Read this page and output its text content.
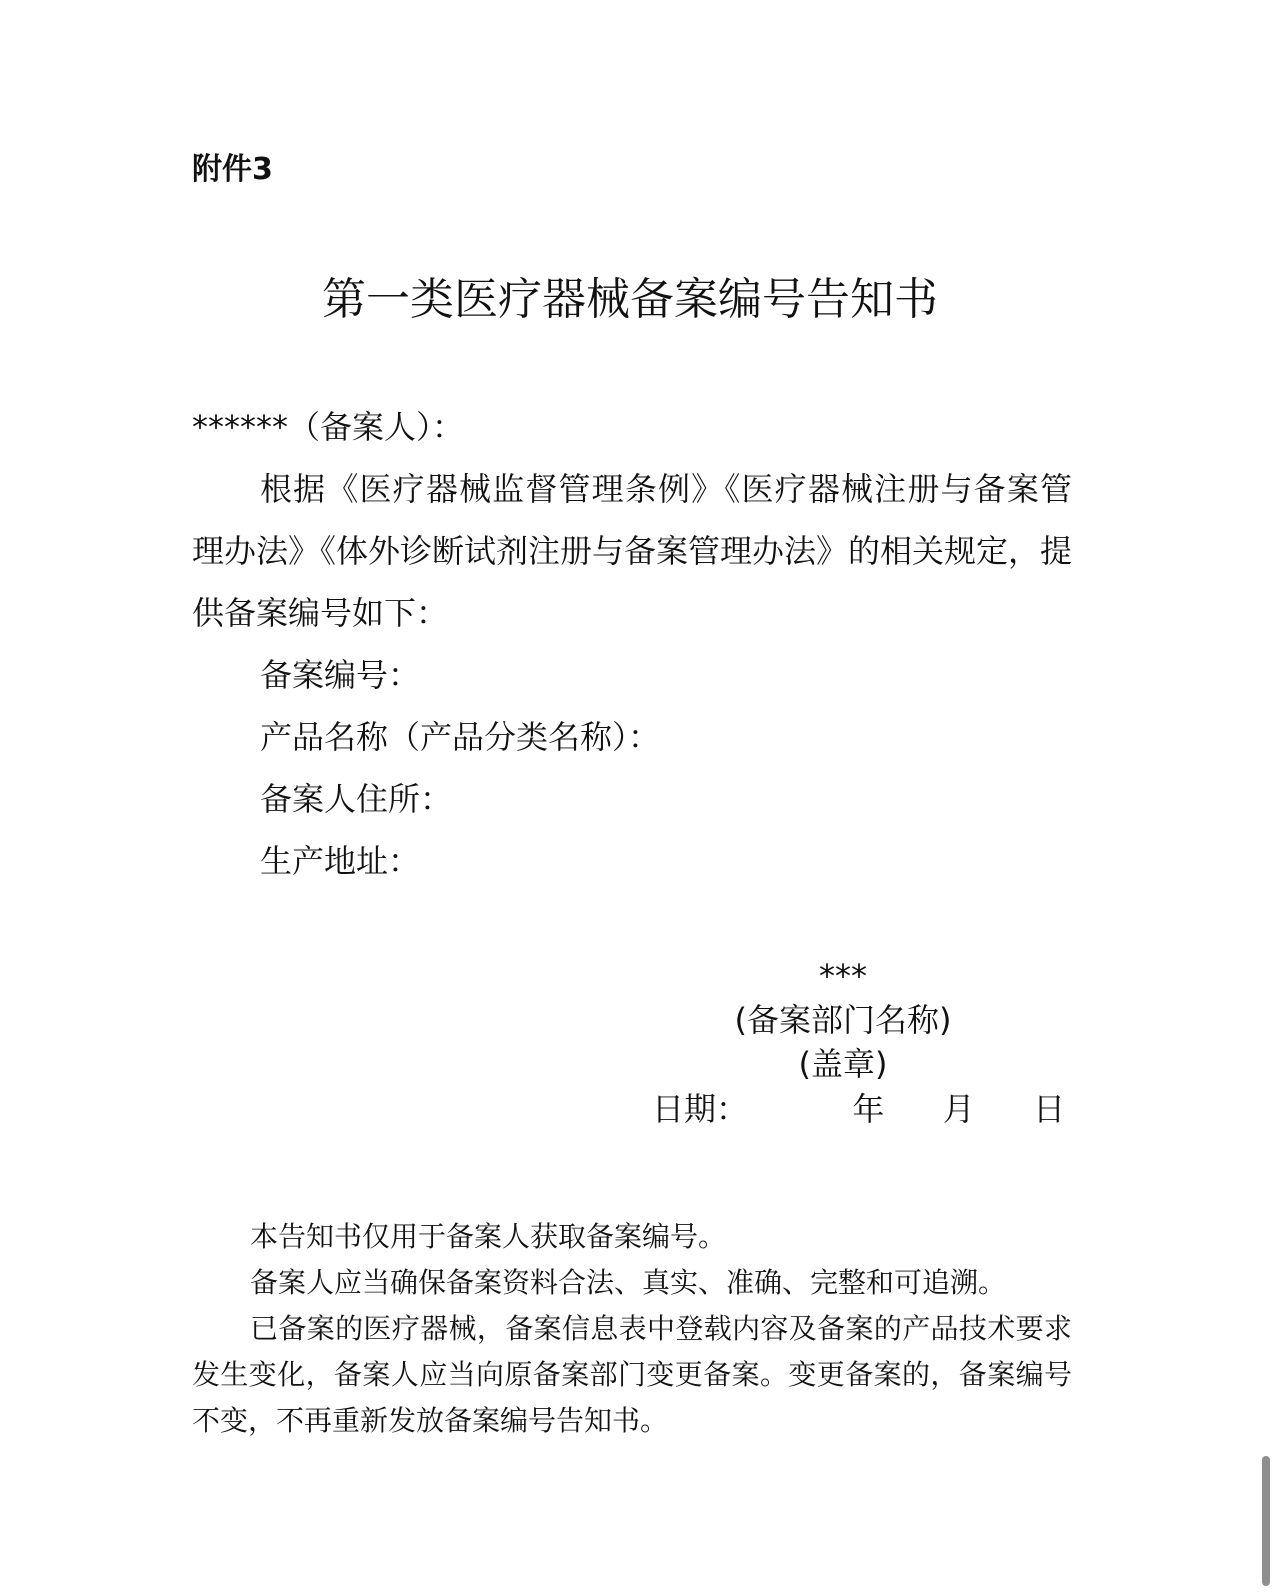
附件3
第一类医疗器械备案编号告知书
******（备案人）：
根据《医疗器械监督管理条例》《医疗器械注册与备案管理办法》《体外诊断试剂注册与备案管理办法》的相关规定，提供备案编号如下：
备案编号：
产品名称（产品分类名称）：
备案人住所：
生产地址：
***
(备案部门名称)
(盖章)
日期：	年 月 日
本告知书仅用于备案人获取备案编号。
备案人应当确保备案资料合法、真实、准确、完整和可追溯。
已备案的医疗器械，备案信息表中登载内容及备案的产品技术要求发生变化，备案人应当向原备案部门变更备案。变更备案的，备案编号不变，不再重新发放备案编号告知书。
